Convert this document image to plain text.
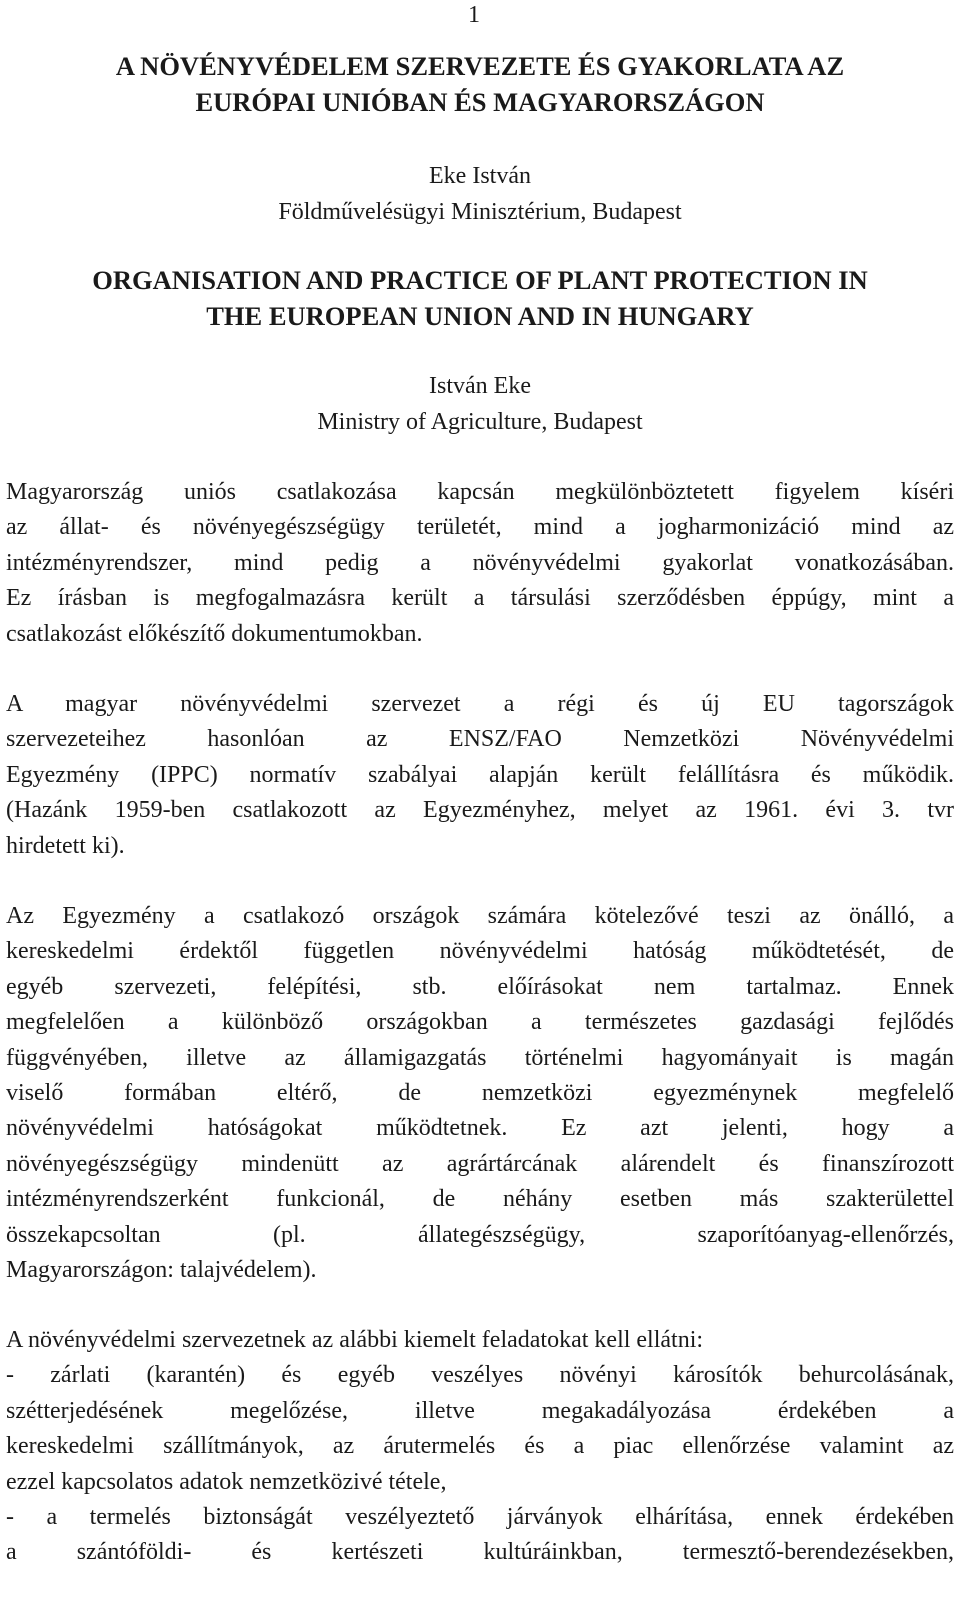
1
A NÖVÉNYVÉDELEM SZERVEZETE ÉS GYAKORLATA AZ
EURÓPAI UNIÓBAN ÉS MAGYARORSZÁGON
Eke István
Földművelésügyi Minisztérium, Budapest
ORGANISATION AND PRACTICE OF PLANT PROTECTION IN
THE EUROPEAN UNION AND IN HUNGARY
István Eke
Ministry of Agriculture, Budapest
Magyarország uniós csatlakozása kapcsán megkülönböztetett figyelem kíséri
az állat- és növényegészségügy területét, mind a jogharmonizáció mind az
intézményrendszer, mind pedig a növényvédelmi gyakorlat vonatkozásában.
Ez írásban is megfogalmazásra került a társulási szerződésben éppúgy, mint a
csatlakozást előkészítő dokumentumokban.
A magyar növényvédelmi szervezet a régi és új EU tagországok
szervezeteihez hasonlóan az ENSZ/FAO Nemzetközi Növényvédelmi
Egyezmény (IPPC) normatív szabályai alapján került felállításra és működik.
(Hazánk 1959-ben csatlakozott az Egyezményhez, melyet az 1961. évi 3. tvr
hirdetett ki).
Az Egyezmény a csatlakozó országok számára kötelezővé teszi az önálló, a
kereskedelmi érdektől független növényvédelmi hatóság működtetését, de
egyéb szervezeti, felépítési, stb. előírásokat nem tartalmaz. Ennek
megfelelően a különböző országokban a természetes gazdasági fejlődés
függvényében, illetve az államigazgatás történelmi hagyományait is magán
viselő formában eltérő, de nemzetközi egyezménynek megfelelő
növényvédelmi hatóságokat működtetnek. Ez azt jelenti, hogy a
növényegészségügy mindenütt az agrártárcának alárendelt és finanszírozott
intézményrendszerként funkcionál, de néhány esetben más szakterülettel
összekapcsoltan (pl. állategészségügy, szaporítóanyag-ellenőrzés,
Magyarországon: talajvédelem).
A növényvédelmi szervezetnek az alábbi kiemelt feladatokat kell ellátni:
- zárlati (karantén) és egyéb veszélyes növényi károsítók behurcolásának,
szétterjedésének megelőzése, illetve megakadályozása érdekében a
kereskedelmi szállítmányok, az árutermelés és a piac ellenőrzése valamint az
ezzel kapcsolatos adatok nemzetközivé tétele,
- a termelés biztonságát veszélyeztető járványok elhárítása, ennek érdekében
a szántóföldi- és kertészeti kultúráinkban, termesztő-berendezésekben,
